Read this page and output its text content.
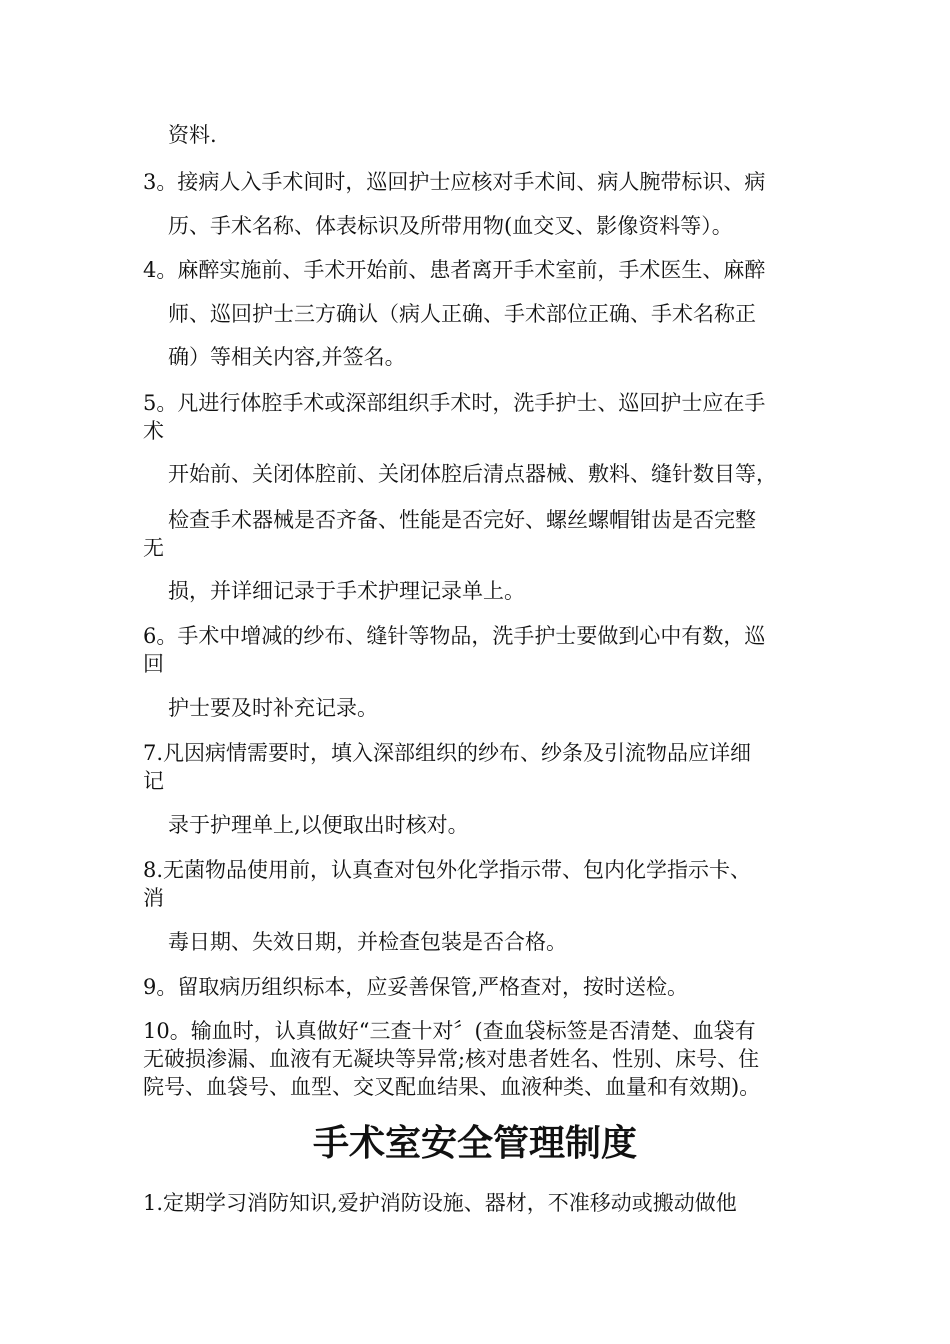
资料.
3。接病人入手术间时，巡回护士应核对手术间、病人腕带标识、病
历、手术名称、体表标识及所带用物(血交叉、影像资料等）。
4。麻醉实施前、手术开始前、患者离开手术室前，手术医生、麻醉
师、巡回护士三方确认（病人正确、手术部位正确、手术名称正
确）等相关内容,并签名。
5。凡进行体腔手术或深部组织手术时，洗手护士、巡回护士应在手
术
开始前、关闭体腔前、关闭体腔后清点器械、敷料、缝针数目等，
检查手术器械是否齐备、性能是否完好、螺丝螺帽钳齿是否完整
无
损，并详细记录于手术护理记录单上。
6。手术中增减的纱布、缝针等物品，洗手护士要做到心中有数，巡
回
护士要及时补充记录。
7.凡因病情需要时，填入深部组织的纱布、纱条及引流物品应详细
记
录于护理单上,以便取出时核对。
8.无菌物品使用前，认真查对包外化学指示带、包内化学指示卡、
消
毒日期、失效日期，并检查包装是否合格。
9。留取病历组织标本，应妥善保管,严格查对，按时送检。
10。输血时，认真做好“三查十对〞(查血袋标签是否清楚、血袋有
无破损渗漏、血液有无凝块等异常;核对患者姓名、性别、床号、住
院号、血袋号、血型、交叉配血结果、血液种类、血量和有效期)。
手术室安全管理制度
1.定期学习消防知识,爱护消防设施、器材，不准移动或搬动做他
